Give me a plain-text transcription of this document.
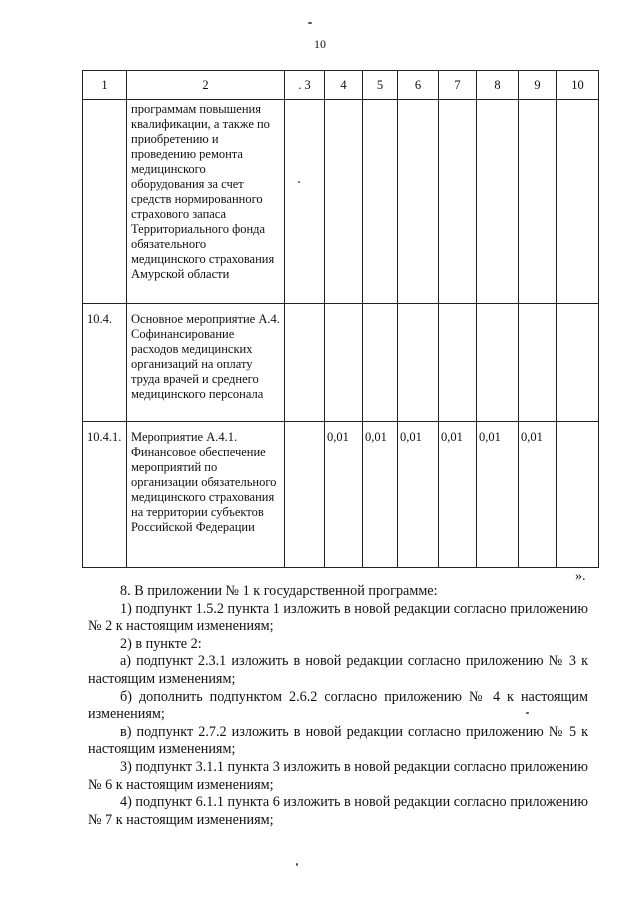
10
1	2	. 3	4	5	6	7	8	9	10
	программам повышения квалификации, а также по приобретению и проведению ремонта медицинского оборудования за счет средств нормированного страхового запаса Территориального фонда обязательного медицинского страхования Амурской области								
10.4.	Основное мероприятие А.4. Софинансирование расходов медицинских организаций на оплату труда врачей и среднего медицинского персонала								
10.4.1.	Мероприятие А.4.1. Финансовое обеспечение мероприятий по организации обязательного медицинского страхования на территории субъектов Российской Федерации		0,01	0,01	0,01	0,01	0,01	0,01	
».

8. В приложении № 1 к государственной программе:

1) подпункт 1.5.2 пункта 1 изложить в новой редакции согласно приложению № 2 к настоящим изменениям;

2) в пункте 2:

а) подпункт 2.3.1 изложить в новой редакции согласно приложению № 3 к настоящим изменениям;

б) дополнить подпунктом 2.6.2 согласно приложению № 4 к настоящим изменениям;

в) подпункт 2.7.2 изложить в новой редакции согласно приложению № 5 к настоящим изменениям;

3) подпункт 3.1.1 пункта 3 изложить в новой редакции согласно приложению № 6 к настоящим изменениям;

4) подпункт 6.1.1 пункта 6 изложить в новой редакции согласно приложению № 7 к настоящим изменениям;
